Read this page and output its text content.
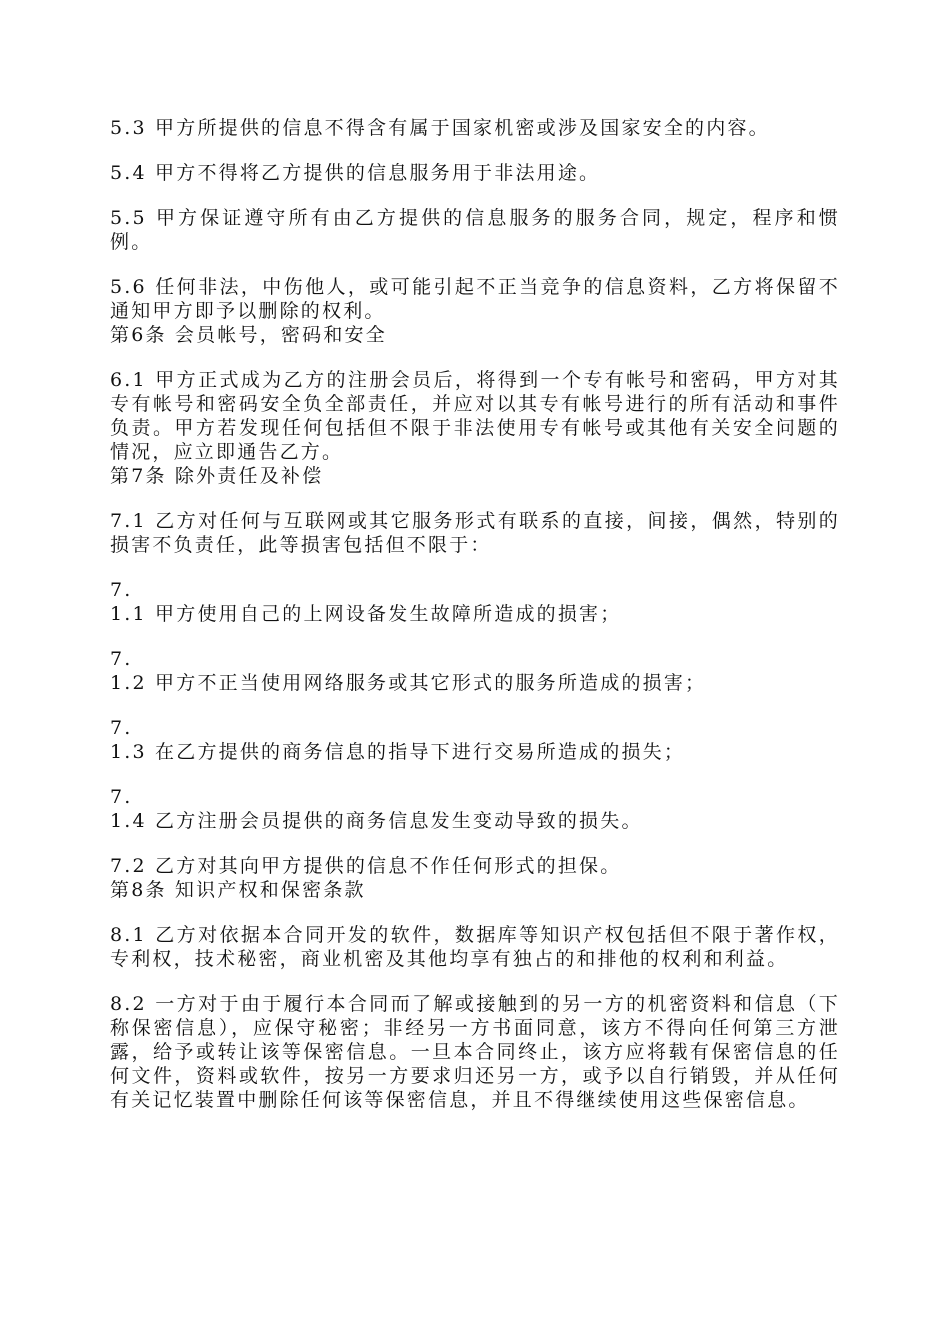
5.3 甲方所提供的信息不得含有属于国家机密或涉及国家安全的内容。

5.4 甲方不得将乙方提供的信息服务用于非法用途。

5.5 甲方保证遵守所有由乙方提供的信息服务的服务合同，规定，程序和惯例。

5.6 任何非法，中伤他人，或可能引起不正当竞争的信息资料，乙方将保留不通知甲方即予以删除的权利。

第6条 会员帐号，密码和安全

6.1 甲方正式成为乙方的注册会员后，将得到一个专有帐号和密码，甲方对其专有帐号和密码安全负全部责任，并应对以其专有帐号进行的所有活动和事件负责。甲方若发现任何包括但不限于非法使用专有帐号或其他有关安全问题的情况，应立即通告乙方。

第7条 除外责任及补偿

7.1 乙方对任何与互联网或其它服务形式有联系的直接，间接，偶然，特别的损害不负责任，此等损害包括但不限于：

7.

1.1 甲方使用自己的上网设备发生故障所造成的损害；

7.

1.2 甲方不正当使用网络服务或其它形式的服务所造成的损害；

7.

1.3 在乙方提供的商务信息的指导下进行交易所造成的损失；

7.

1.4 乙方注册会员提供的商务信息发生变动导致的损失。

7.2 乙方对其向甲方提供的信息不作任何形式的担保。

第8条 知识产权和保密条款

8.1 乙方对依据本合同开发的软件，数据库等知识产权包括但不限于著作权，专利权，技术秘密，商业机密及其他均享有独占的和排他的权利和利益。

8.2 一方对于由于履行本合同而了解或接触到的另一方的机密资料和信息（下称保密信息），应保守秘密；非经另一方书面同意，该方不得向任何第三方泄露，给予或转让该等保密信息。一旦本合同终止，该方应将载有保密信息的任何文件，资料或软件，按另一方要求归还另一方，或予以自行销毁，并从任何有关记忆装置中删除任何该等保密信息，并且不得继续使用这些保密信息。
